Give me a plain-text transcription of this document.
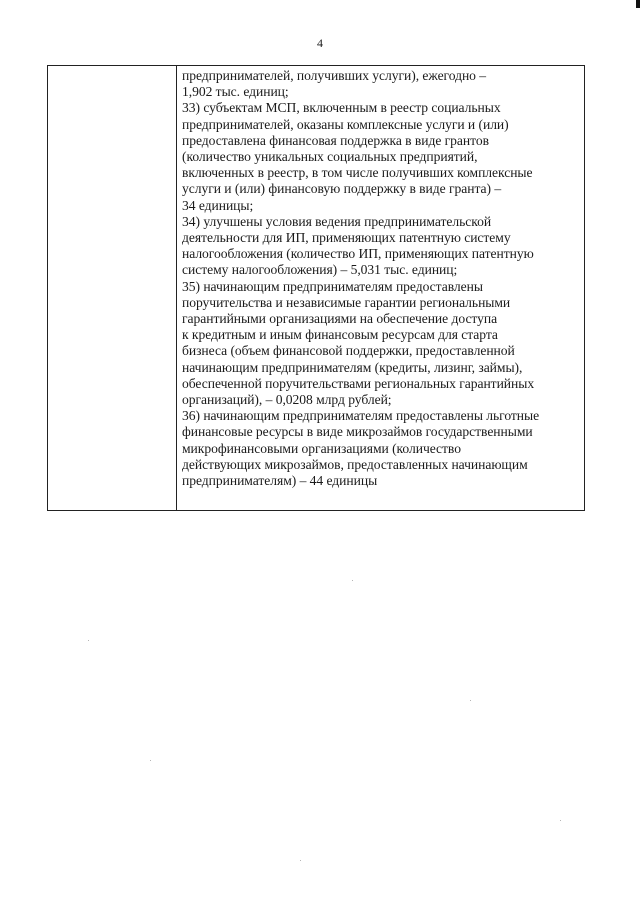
4
предпринимателей, получивших услуги), ежегодно –
1,902 тыс. единиц;
33) субъектам МСП, включенным в реестр социальных
предпринимателей, оказаны комплексные услуги и (или)
предоставлена финансовая поддержка в виде грантов
(количество уникальных социальных предприятий,
включенных в реестр, в том числе получивших комплексные
услуги и (или) финансовую поддержку в виде гранта) –
34 единицы;
34) улучшены условия ведения предпринимательской
деятельности для ИП, применяющих патентную систему
налогообложения (количество ИП, применяющих патентную
систему налогообложения) – 5,031 тыс. единиц;
35) начинающим предпринимателям предоставлены
поручительства и независимые гарантии региональными
гарантийными организациями на обеспечение доступа
к кредитным и иным финансовым ресурсам для старта
бизнеса (объем финансовой поддержки, предоставленной
начинающим предпринимателям (кредиты, лизинг, займы),
обеспеченной поручительствами региональных гарантийных
организаций), – 0,0208 млрд рублей;
36) начинающим предпринимателям предоставлены льготные
финансовые ресурсы в виде микрозаймов государственными
микрофинансовыми организациями (количество
действующих микрозаймов, предоставленных начинающим
предпринимателям) – 44 единицы
